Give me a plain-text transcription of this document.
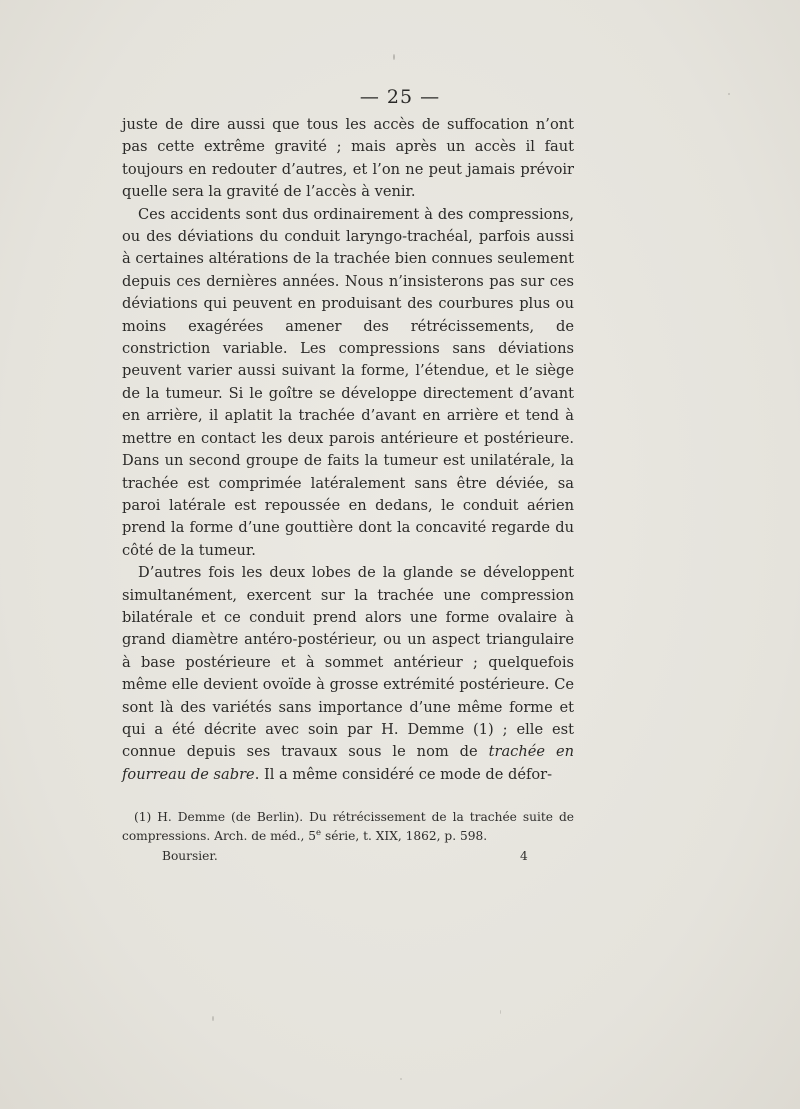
— 25 —

juste de dire aussi que tous les accès de suffocation n’ont pas cette extrême gravité ; mais après un accès il faut toujours en redouter d’autres, et l’on ne peut jamais prévoir quelle sera la gravité de l’accès à venir.

Ces accidents sont dus ordinairement à des compressions, ou des déviations du conduit laryngo-trachéal, parfois aussi à certaines altérations de la trachée bien connues seulement depuis ces dernières années. Nous n’insisterons pas sur ces déviations qui peuvent en produisant des courbures plus ou moins exagérées amener des rétrécissements, de constriction variable. Les compressions sans déviations peuvent varier aussi suivant la forme, l’étendue, et le siège de la tumeur. Si le goître se développe directement d’avant en arrière, il aplatit la trachée d’avant en arrière et tend à mettre en contact les deux parois antérieure et postérieure. Dans un second groupe de faits la tumeur est unilatérale, la trachée est comprimée latéralement sans être déviée, sa paroi latérale est repoussée en dedans, le conduit aérien prend la forme d’une gouttière dont la concavité regarde du côté de la tumeur.

D’autres fois les deux lobes de la glande se développent simultanément, exercent sur la trachée une compression bilatérale et ce conduit prend alors une forme ovalaire à grand diamètre antéro-postérieur, ou un aspect triangulaire à base postérieure et à sommet antérieur ; quelquefois même elle devient ovoïde à grosse extrémité postérieure. Ce sont là des variétés sans importance d’une même forme et qui a été décrite avec soin par H. Demme (1) ; elle est connue depuis ses travaux sous le nom de trachée en fourreau de sabre. Il a même considéré ce mode de défor-

(1) H. Demme (de Berlin). Du rétrécissement de la trachée suite de compressions. Arch. de méd., 5e série, t. XIX, 1862, p. 598.
Boursier.	4
